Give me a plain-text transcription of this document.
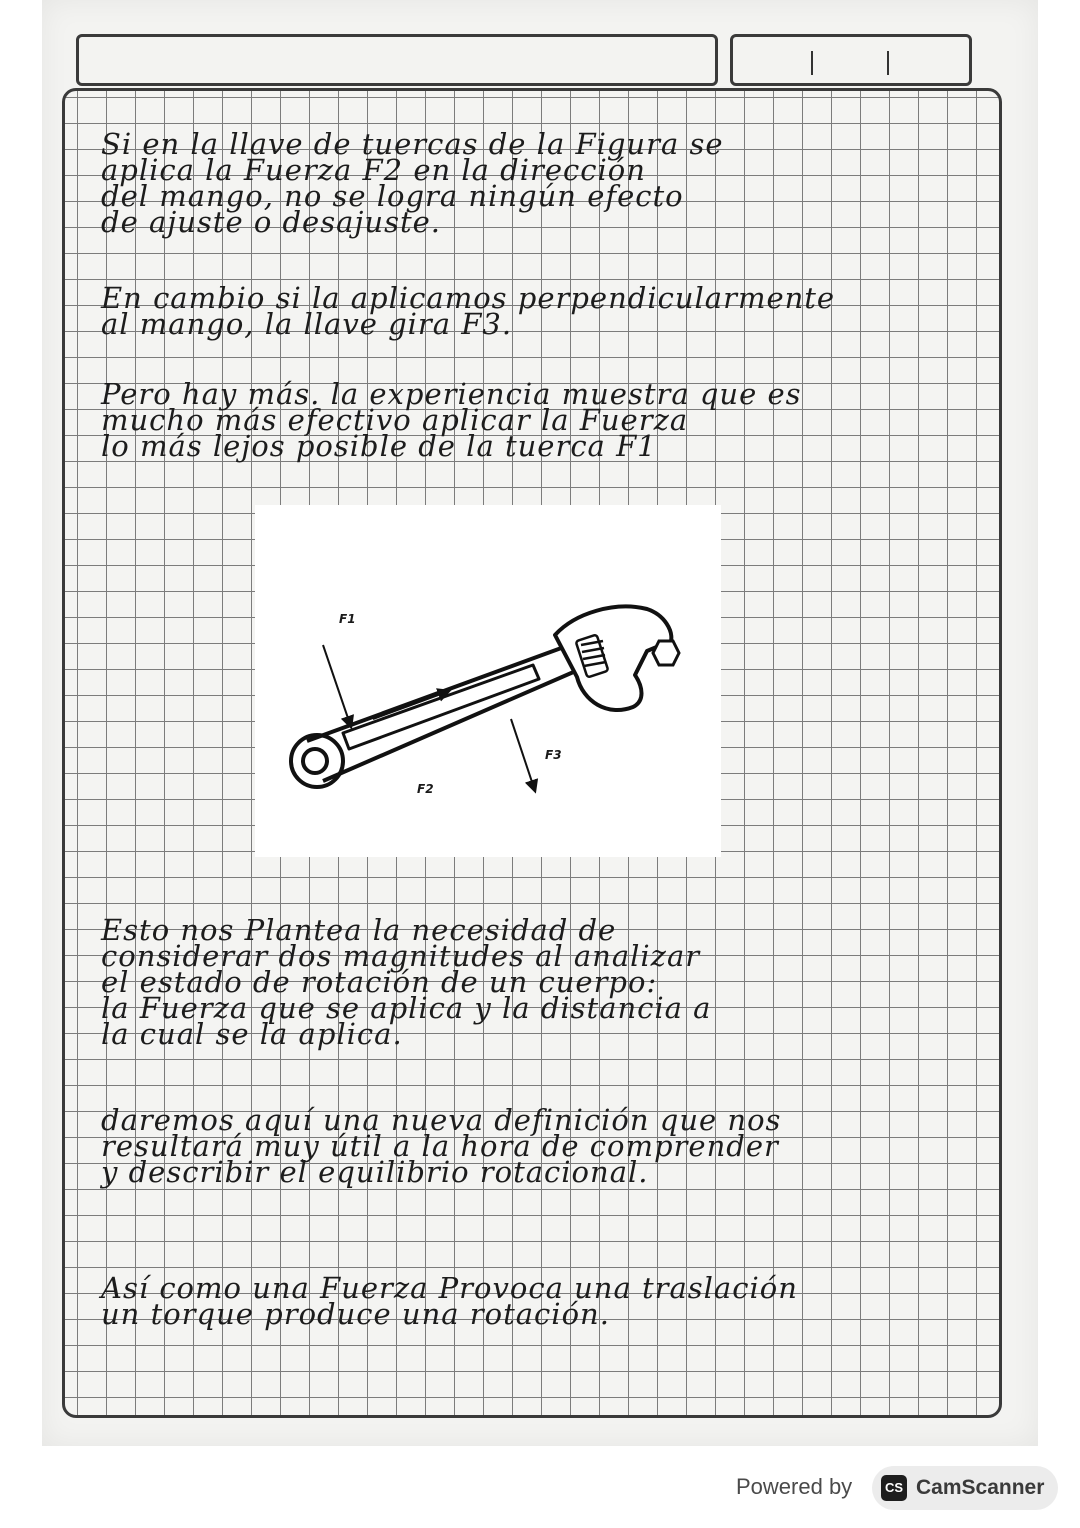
Si en la llave de tuercas de la Figura se
aplica la Fuerza F2 en la dirección
del mango, no se logra ningún efecto
de ajuste o desajuste.
En cambio si la aplicamos perpendicularmente
al mango, la llave gira F3.
Pero hay más. la experiencia muestra que es
mucho más efectivo aplicar la Fuerza
lo más lejos posible de la tuerca F1
F1
F2
F3
Esto nos Plantea la necesidad de
considerar dos magnitudes al analizar
el estado de rotación de un cuerpo:
la Fuerza que se aplica y la distancia a
la cual se la aplica.
daremos aquí una nueva definición que nos
resultará muy útil a la hora de comprender
y describir el equilibrio rotacional.
Así como una Fuerza Provoca una traslación
un torque produce una rotación.
Powered by	CS CamScanner
